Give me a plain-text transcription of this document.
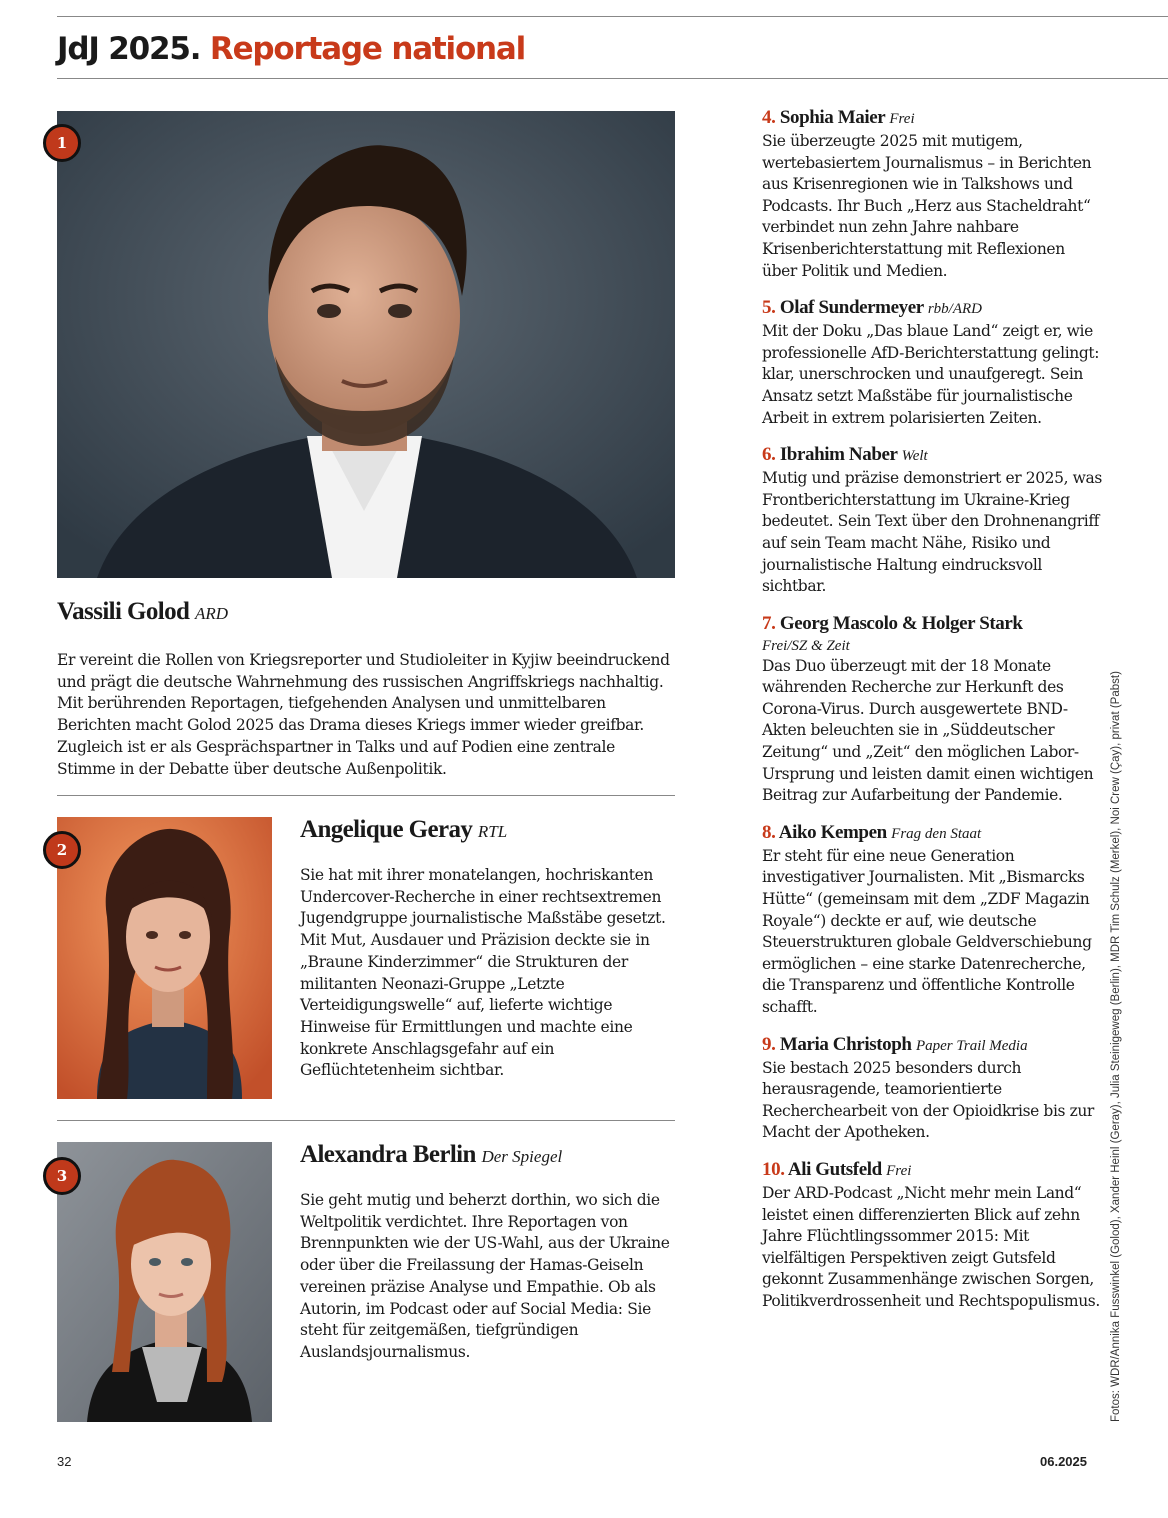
JdJ 2025. Reportage national
1
Vassili Golod ARD

Er vereint die Rollen von Kriegsreporter und Studioleiter in Kyjiw beeindruckend und prägt die deutsche Wahrnehmung des russischen Angriffskriegs nachhaltig. Mit berührenden Reportagen, tiefgehenden Analysen und unmittelbaren Berichten macht Golod 2025 das Drama dieses Kriegs immer wieder greifbar. Zugleich ist er als Gesprächspartner in Talks und auf Podien eine zentrale Stimme in der Debatte über deutsche Außenpolitik.

2
Angelique Geray RTL

Sie hat mit ihrer monatelangen, hochriskanten Undercover-Recherche in einer rechtsextremen Jugendgruppe journalistische Maßstäbe gesetzt. Mit Mut, Ausdauer und Präzision deckte sie in „Braune Kinderzimmer“ die Strukturen der militanten Neonazi-Gruppe „Letzte Verteidigungswelle“ auf, lieferte wichtige Hinweise für Ermittlungen und machte eine konkrete Anschlagsgefahr auf ein Geflüchtetenheim sichtbar.

3
Alexandra Berlin Der Spiegel

Sie geht mutig und beherzt dorthin, wo sich die Weltpolitik verdichtet. Ihre Reportagen von Brennpunkten wie der US-Wahl, aus der Ukraine oder über die Freilassung der Hamas-Geiseln vereinen präzise Analyse und Empathie. Ob als Autorin, im Podcast oder auf Social Media: Sie steht für zeitgemäßen, tiefgründigen Auslandsjournalismus.

4. Sophia Maier Frei

Sie überzeugte 2025 mit mutigem, wertebasiertem Journalismus – in Berichten aus Krisenregionen wie in Talkshows und Podcasts. Ihr Buch „Herz aus Stacheldraht“ verbindet nun zehn Jahre nahbare Krisenberichterstattung mit Reflexionen über Politik und Medien.

5. Olaf Sundermeyer rbb/ARD

Mit der Doku „Das blaue Land“ zeigt er, wie professionelle AfD-Berichterstattung gelingt: klar, unerschrocken und unaufgeregt. Sein Ansatz setzt Maßstäbe für journalistische Arbeit in extrem polarisierten Zeiten.

6. Ibrahim Naber Welt

Mutig und präzise demonstriert er 2025, was Frontberichterstattung im Ukraine-Krieg bedeutet. Sein Text über den Drohnenangriff auf sein Team macht Nähe, Risiko und journalistische Haltung eindrucksvoll sichtbar.

7. Georg Mascolo & Holger Stark

Frei/SZ & Zeit

Das Duo überzeugt mit der 18 Monate währenden Recherche zur Herkunft des Corona-Virus. Durch ausgewertete BND-Akten beleuchten sie in „Süddeutscher Zeitung“ und „Zeit“ den möglichen Labor-Ursprung und leisten damit einen wichtigen Beitrag zur Aufarbeitung der Pandemie.

8. Aiko Kempen Frag den Staat

Er steht für eine neue Generation investigativer Journalisten. Mit „Bismarcks Hütte“ (gemeinsam mit dem „ZDF Magazin Royale“) deckte er auf, wie deutsche Steuerstrukturen globale Geldverschiebung ermöglichen – eine starke Datenrecherche, die Transparenz und öffentliche Kontrolle schafft.

9. Maria Christoph Paper Trail Media

Sie bestach 2025 besonders durch herausragende, teamorientierte Recherchearbeit von der Opioidkrise bis zur Macht der Apotheken.

10. Ali Gutsfeld Frei

Der ARD-Podcast „Nicht mehr mein Land“ leistet einen differenzierten Blick auf zehn Jahre Flüchtlingssommer 2015: Mit vielfältigen Perspektiven zeigt Gutsfeld gekonnt Zusammenhänge zwischen Sorgen, Politikverdrossenheit und Rechtspopulismus. Fotos: WDR/Annika Fusswinkel (Golod), Xander Heinl (Geray), Julia Steinigeweg (Berlin), MDR Tim Schulz (Merkel), Noi Crew (Çay), privat (Pabst)

32	06.2025
